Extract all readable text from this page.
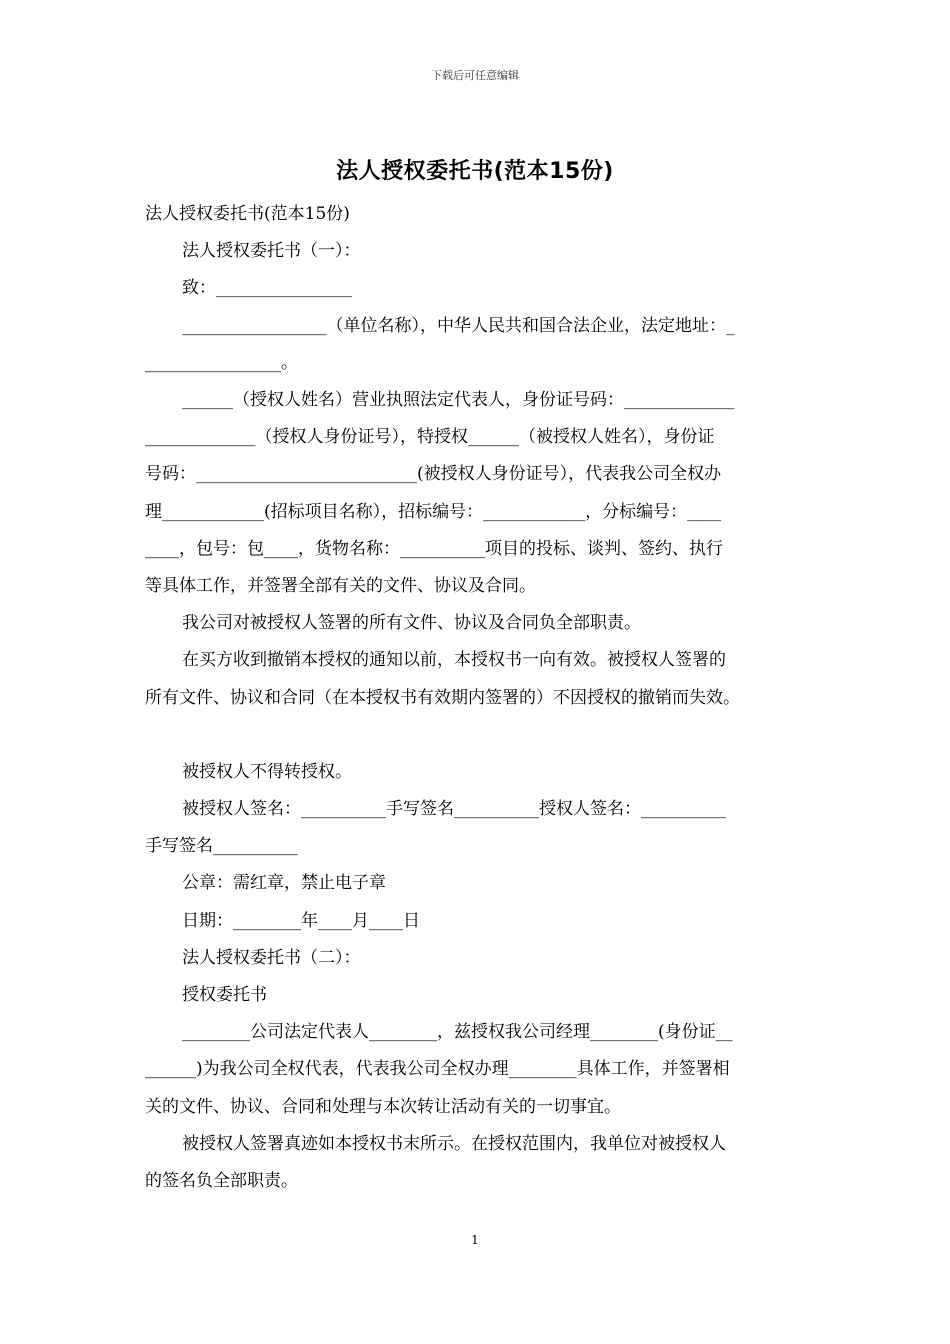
下载后可任意编辑
法人授权委托书(范本15份)

法人授权委托书(范本15份)

法人授权委托书（一）：

致：________________

_________________（单位名称），中华人民共和国合法企业，法定地址：_

________________。

______（授权人姓名）营业执照法定代表人，身份证号码：_____________

_____________（授权人身份证号），特授权______（被授权人姓名），身份证

号码：__________________________(被授权人身份证号），代表我公司全权办

理____________(招标项目名称），招标编号：____________，分标编号：____

____，包号：包____，货物名称：__________项目的投标、谈判、签约、执行

等具体工作，并签署全部有关的文件、协议及合同。

我公司对被授权人签署的所有文件、协议及合同负全部职责。

在买方收到撤销本授权的通知以前，本授权书一向有效。被授权人签署的

所有文件、协议和合同（在本授权书有效期内签署的）不因授权的撤销而失效。

被授权人不得转授权。

被授权人签名：__________手写签名__________授权人签名：__________

手写签名__________

公章：需红章，禁止电子章

日期：________年____月____日

法人授权委托书（二）：

授权委托书

________公司法定代表人________，兹授权我公司经理________(身份证__

______)为我公司全权代表，代表我公司全权办理________具体工作，并签署相

关的文件、协议、合同和处理与本次转让活动有关的一切事宜。

被授权人签署真迹如本授权书末所示。在授权范围内，我单位对被授权人

的签名负全部职责。

1
